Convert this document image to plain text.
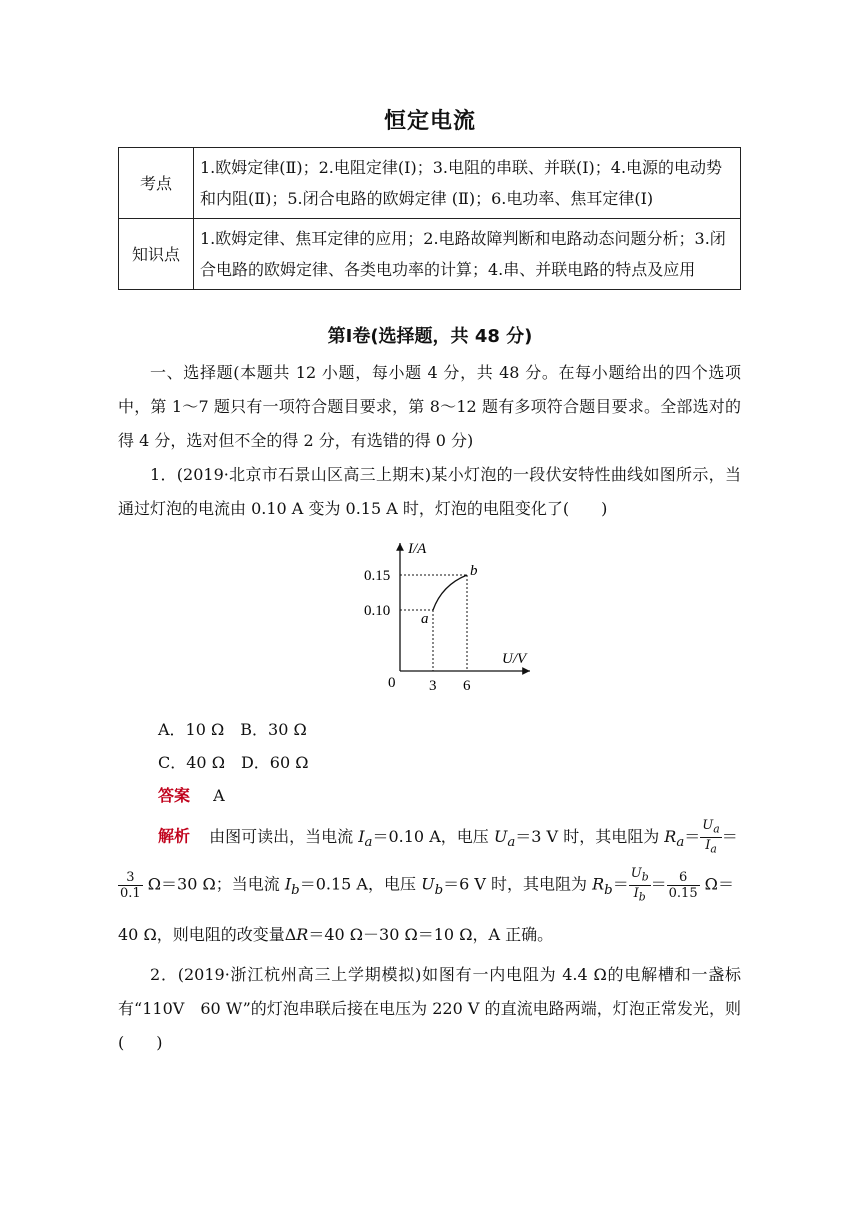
恒定电流
考点	1.欧姆定律(Ⅱ)；2.电阻定律(Ⅰ)；3.电阻的串联、并联(Ⅰ)；4.电源的电动势和内阻(Ⅱ)；5.闭合电路的欧姆定律 (Ⅱ)；6.电功率、焦耳定律(Ⅰ)
知识点	1.欧姆定律、焦耳定律的应用；2.电路故障判断和电路动态问题分析；3.闭合电路的欧姆定律、各类电功率的计算；4.串、并联电路的特点及应用
第Ⅰ卷(选择题，共 48 分)
一、选择题(本题共 12 小题，每小题 4 分，共 48 分。在每小题给出的四个选项中，第 1～7 题只有一项符合题目要求，第 8～12 题有多项符合题目要求。全部选对的得 4 分，选对但不全的得 2 分，有选错的得 0 分)
1．(2019·北京市石景山区高三上期末)某小灯泡的一段伏安特性曲线如图所示，当通过灯泡的电流由 0.10 A 变为 0.15 A 时，灯泡的电阻变化了(　　)
I/A
U/V
0 3 6
0.15
0.10 a
b
A．10 Ω　B．30 Ω
C．40 Ω　D．60 Ω
答案 A
解析 由图可读出，当电流 $I_a=0.10$ A，电压 $U_a=3$ V 时，其电阻为 $R_a= \frac{U_a}{I_a}$ ＝
$\frac{3}{0.1} \Omega=30$ Ω；当电流 $I_b=0.15$ A，电压 $U_b=6$ V 时，其电阻为 $R_b= \frac{U_b}{I_b} = \frac{6}{0.15} \Omega=$
40 Ω，则电阻的改变量ΔR＝40 Ω－30 Ω＝10 Ω，A 正确。
2．(2019·浙江杭州高三上学期模拟)如图有一内电阻为 4.4 Ω的电解槽和一盏标有“110V　60 W”的灯泡串联后接在电压为 220 V 的直流电路两端，灯泡正常发光，则(　　)
